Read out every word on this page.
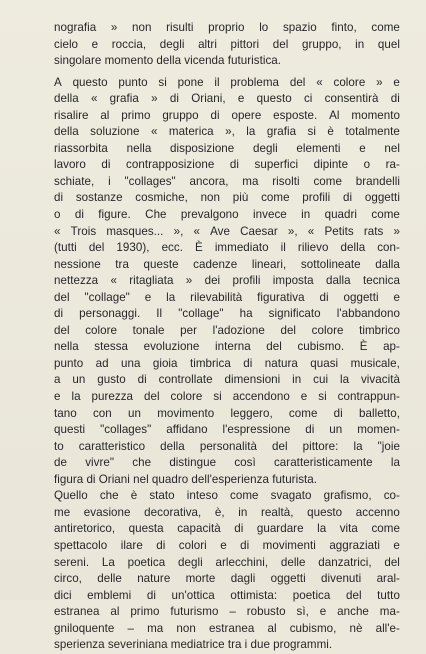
nografia » non risulti proprio lo spazio finto, come
cielo e roccia, degli altri pittori del gruppo, in quel
singolare momento della vicenda futuristica.
A questo punto si pone il problema del « colore » e
della « grafia » di Oriani, e questo ci consentirà di
risalire al primo gruppo di opere esposte. Al momento
della soluzione « materica », la grafia si è totalmente
riassorbita nella disposizione degli elementi e nel
lavoro di contrapposizione di superfici dipinte o ra-
schiate, i "collages" ancora, ma risolti come brandelli
di sostanze cosmiche, non più come profili di oggetti
o di figure. Che prevalgono invece in quadri come
« Trois masques... », « Ave Caesar », « Petits rats »
(tutti del 1930), ecc. È immediato il rilievo della con-
nessione tra queste cadenze lineari, sottolineate dalla
nettezza « ritagliata » dei profili imposta dalla tecnica
del "collage" e la rilevabilità figurativa di oggetti e
di personaggi. Il "collage" ha significato l'abbandono
del colore tonale per l'adozione del colore timbrico
nella stessa evoluzione interna del cubismo. È ap-
punto ad una gioia timbrica di natura quasi musicale,
a un gusto di controllate dimensioni in cui la vivacità
e la purezza del colore si accendono e si contrappun-
tano con un movimento leggero, come di balletto,
questi "collages" affidano l'espressione di un momen-
to caratteristico della personalità del pittore: la "joie
de vivre" che distingue così caratteristicamente la
figura di Oriani nel quadro dell'esperienza futurista.
Quello che è stato inteso come svagato grafismo, co-
me evasione decorativa, è, in realtà, questo accenno
antiretorico, questa capacità di guardare la vita come
spettacolo ilare di colori e di movimenti aggraziati e
sereni. La poetica degli arlecchini, delle danzatrici, del
circo, delle nature morte dagli oggetti divenuti aral-
dici emblemi di un'ottica ottimista: poetica del tutto
estranea al primo futurismo – robusto sì, e anche ma-
gniloquente – ma non estranea al cubismo, nè all'e-
sperienza severiniana mediatrice tra i due programmi.
